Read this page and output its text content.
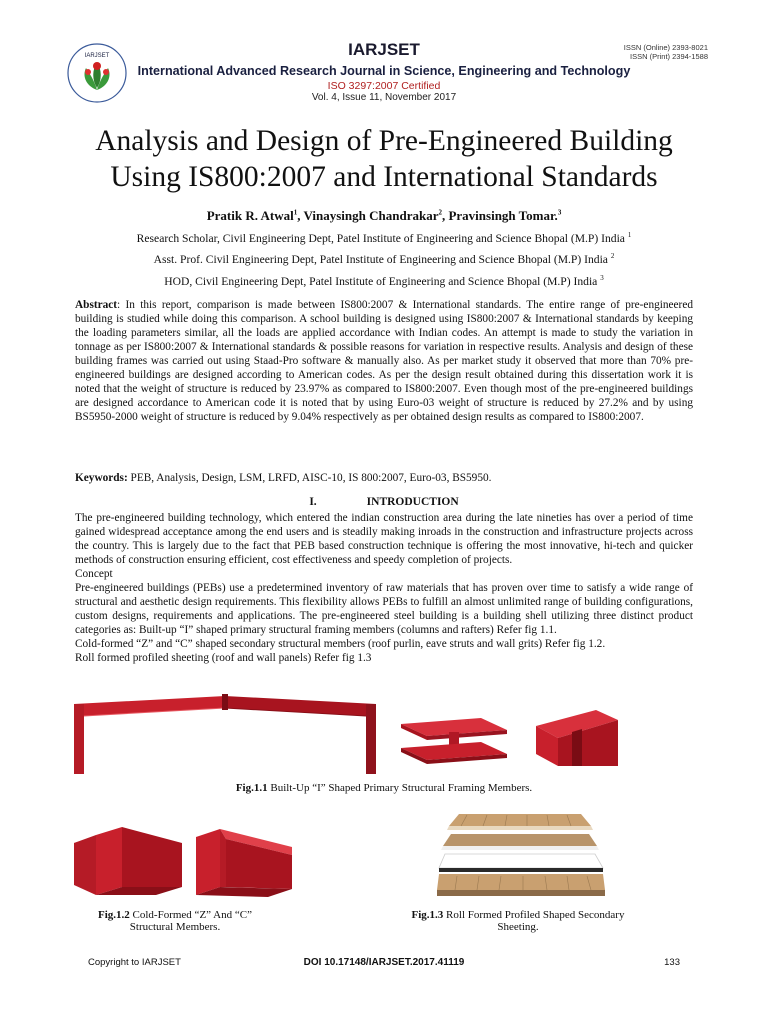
IARJSET	IARJSET	ISSN (Online) 2393-8021
ISSN (Print) 2394-1588
International Advanced Research Journal in Science, Engineering and Technology
ISO 3297:2007 Certified
Vol. 4, Issue 11, November 2017
Analysis and Design of Pre-Engineered Building
Using IS800:2007 and International Standards
Pratik R. Atwal$^1$, Vinaysingh Chandrakar$^2$, Pravinsingh Tomar.$^3$
Research Scholar, Civil Engineering Dept, Patel Institute of Engineering and Science Bhopal (M.P) India $^1$
Asst. Prof. Civil Engineering Dept, Patel Institute of Engineering and Science Bhopal (M.P) India $^2$
HOD, Civil Engineering Dept, Patel Institute of Engineering and Science Bhopal (M.P) India $^3$
Abstract: In this report, comparison is made between IS800:2007 & International standards. The entire range of pre-engineered building is studied while doing this comparison. A school building is designed using IS800:2007 & International standards by keeping the loading parameters similar, all the loads are applied accordance with Indian codes. An attempt is made to study the variation in tonnage as per IS800:2007 & International standards & possible reasons for variation in respective results. Analysis and design of these building frames was carried out using Staad-Pro software & manually also. As per market study it observed that more than 70% pre-engineered buildings are designed according to American codes. As per the design result obtained during this dissertation work it is noted that the weight of structure is reduced by 23.97% as compared to IS800:2007. Even though most of the pre-engineered buildings are designed accordance to American code it is noted that by using Euro-03 weight of structure is reduced by 27.2% and by using BS5950-2000 weight of structure is reduced by 9.04% respectively as per obtained design results as compared to IS800:2007.
Keywords: PEB, Analysis, Design, LSM, LRFD, AISC-10, IS 800:2007, Euro-03, BS5950.
I.	INTRODUCTION
The pre-engineered building technology, which entered the indian construction area during the late nineties has over a period of time gained widespread acceptance among the end users and is steadily making inroads in the construction and infrastructure projects across the country. This is largely due to the fact that PEB based construction technique is offering the most innovative, hi-tech and quicker methods of construction ensuring efficient, cost effectiveness and speedy completion of projects.
Concept
Pre-engineered buildings (PEBs) use a predetermined inventory of raw materials that has proven over time to satisfy a wide range of structural and aesthetic design requirements. This flexibility allows PEBs to fulfill an almost unlimited range of building configurations, custom designs, requirements and applications. The pre-engineered steel building is a building shell utilizing three distinct product categories as: Built-up “I” shaped primary structural framing members (columns and rafters) Refer fig 1.1.
Cold-formed “Z” and “C” shaped secondary structural members (roof purlin, eave struts and wall grits) Refer fig 1.2.
Roll formed profiled sheeting (roof and wall panels) Refer fig 1.3
Fig.1.1 Built-Up “I” Shaped Primary Structural Framing Members.
Fig.1.2 Cold-Formed “Z” And “C”
Structural Members.
Fig.1.3 Roll Formed Profiled Shaped Secondary
Sheeting.
Copyright to IARJSET	DOI 10.17148/IARJSET.2017.41119	133
